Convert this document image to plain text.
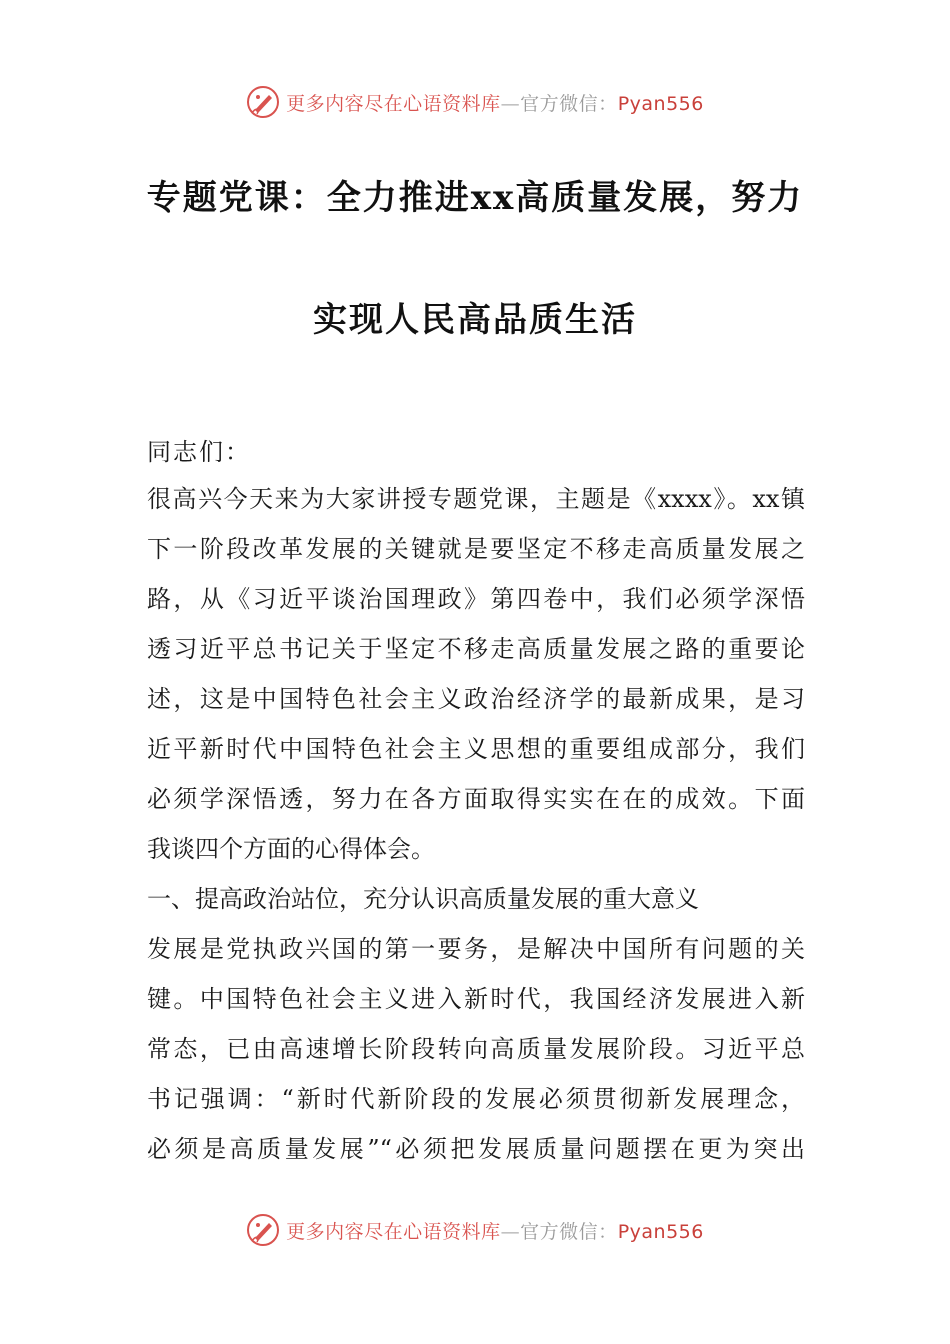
更多内容尽在心语资料库—官方微信：Pyan556
专题党课：全力推进xx高质量发展，努力
实现人民高品质生活
同志们：
很高兴今天来为大家讲授专题党课，主题是《xxxx》。xx镇
下一阶段改革发展的关键就是要坚定不移走高质量发展之
路，从《习近平谈治国理政》第四卷中，我们必须学深悟
透习近平总书记关于坚定不移走高质量发展之路的重要论
述，这是中国特色社会主义政治经济学的最新成果，是习
近平新时代中国特色社会主义思想的重要组成部分，我们
必须学深悟透，努力在各方面取得实实在在的成效。下面
我谈四个方面的心得体会。
一、提高政治站位，充分认识高质量发展的重大意义
发展是党执政兴国的第一要务，是解决中国所有问题的关
键。中国特色社会主义进入新时代，我国经济发展进入新
常态，已由高速增长阶段转向高质量发展阶段。习近平总
书记强调：“新时代新阶段的发展必须贯彻新发展理念，
必须是高质量发展”“必须把发展质量问题摆在更为突出
更多内容尽在心语资料库—官方微信：Pyan556
